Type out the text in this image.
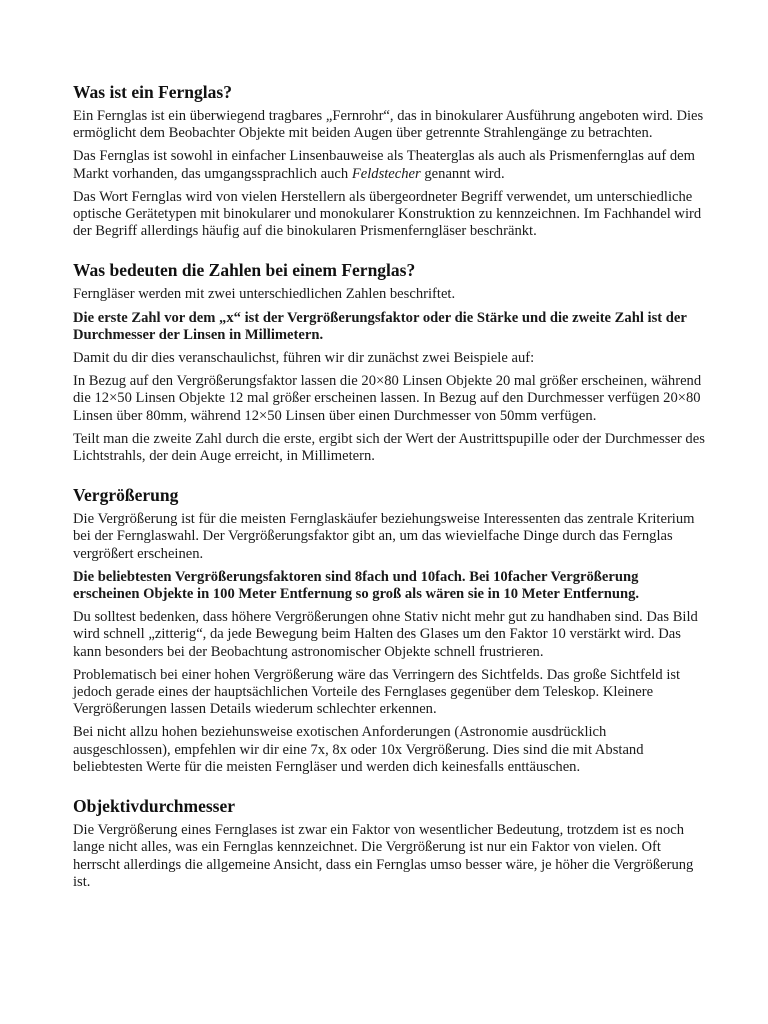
Was ist ein Fernglas?

Ein Fernglas ist ein überwiegend tragbares „Fernrohr“, das in binokularer Ausführung angeboten wird. Dies ermöglicht dem Beobachter Objekte mit beiden Augen über getrennte Strahlengänge zu betrachten.

Das Fernglas ist sowohl in einfacher Linsenbauweise als Theaterglas als auch als Prismenfernglas auf dem Markt vorhanden, das umgangssprachlich auch Feldstecher genannt wird.

Das Wort Fernglas wird von vielen Herstellern als übergeordneter Begriff verwendet, um unterschiedliche optische Gerätetypen mit binokularer und monokularer Konstruktion zu kennzeichnen. Im Fachhandel wird der Begriff allerdings häufig auf die binokularen Prismenferngläser beschränkt.

Was bedeuten die Zahlen bei einem Fernglas?

Ferngläser werden mit zwei unterschiedlichen Zahlen beschriftet.

Die erste Zahl vor dem „x“ ist der Vergrößerungsfaktor oder die Stärke und die zweite Zahl ist der Durchmesser der Linsen in Millimetern.

Damit du dir dies veranschaulichst, führen wir dir zunächst zwei Beispiele auf:

In Bezug auf den Vergrößerungsfaktor lassen die 20×80 Linsen Objekte 20 mal größer erscheinen, während die 12×50 Linsen Objekte 12 mal größer erscheinen lassen. In Bezug auf den Durchmesser verfügen 20×80 Linsen über 80mm, während 12×50 Linsen über einen Durchmesser von 50mm verfügen.

Teilt man die zweite Zahl durch die erste, ergibt sich der Wert der Austrittspupille oder der Durchmesser des Lichtstrahls, der dein Auge erreicht, in Millimetern.

Vergrößerung

Die Vergrößerung ist für die meisten Fernglaskäufer beziehungsweise Interessenten das zentrale Kriterium bei der Fernglaswahl. Der Vergrößerungsfaktor gibt an, um das wievielfache Dinge durch das Fernglas vergrößert erscheinen.

Die beliebtesten Vergrößerungsfaktoren sind 8fach und 10fach. Bei 10facher Vergrößerung erscheinen Objekte in 100 Meter Entfernung so groß als wären sie in 10 Meter Entfernung.

Du solltest bedenken, dass höhere Vergrößerungen ohne Stativ nicht mehr gut zu handhaben sind. Das Bild wird schnell „zitterig“, da jede Bewegung beim Halten des Glases um den Faktor 10 verstärkt wird. Das kann besonders bei der Beobachtung astronomischer Objekte schnell frustrieren.

Problematisch bei einer hohen Vergrößerung wäre das Verringern des Sichtfelds. Das große Sichtfeld ist jedoch gerade eines der hauptsächlichen Vorteile des Fernglases gegenüber dem Teleskop. Kleinere Vergrößerungen lassen Details wiederum schlechter erkennen.

Bei nicht allzu hohen beziehunsweise exotischen Anforderungen (Astronomie ausdrücklich ausgeschlossen), empfehlen wir dir eine 7x, 8x oder 10x Vergrößerung. Dies sind die mit Abstand beliebtesten Werte für die meisten Ferngläser und werden dich keinesfalls enttäuschen.

Objektivdurchmesser

Die Vergrößerung eines Fernglases ist zwar ein Faktor von wesentlicher Bedeutung, trotzdem ist es noch lange nicht alles, was ein Fernglas kennzeichnet. Die Vergrößerung ist nur ein Faktor von vielen. Oft herrscht allerdings die allgemeine Ansicht, dass ein Fernglas umso besser wäre, je höher die Vergrößerung ist.
